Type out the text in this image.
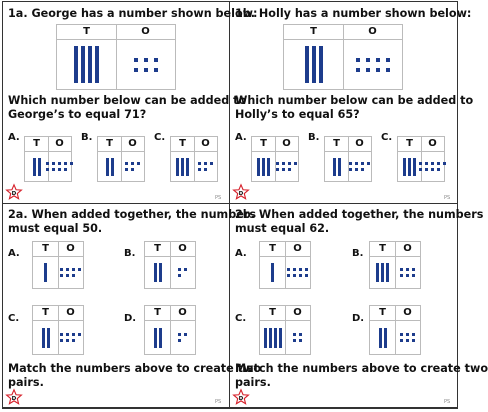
1a. George has a number shown below:
T	O
Which number below can be added to
George’s to equal 71?
A.
T	O
B.
T	O
C.
T	O
D
PS
1b. Holly has a number shown below:
T	O
Which number below can be added to
Holly’s to equal 65?
A.
T	O
B.
T	O
C.
T	O
D
PS
2a. When added together, the numbers
must equal 50.
A.	T	O	B.	T	O
C.
T	O
D.
T	O
Match the numbers above to create two
pairs.
D
PS
2b. When added together, the numbers
must equal 62.
A.	T	O	B.	T	O
C.
T	O
D.
T	O
Match the numbers above to create two
pairs.
D
PS
